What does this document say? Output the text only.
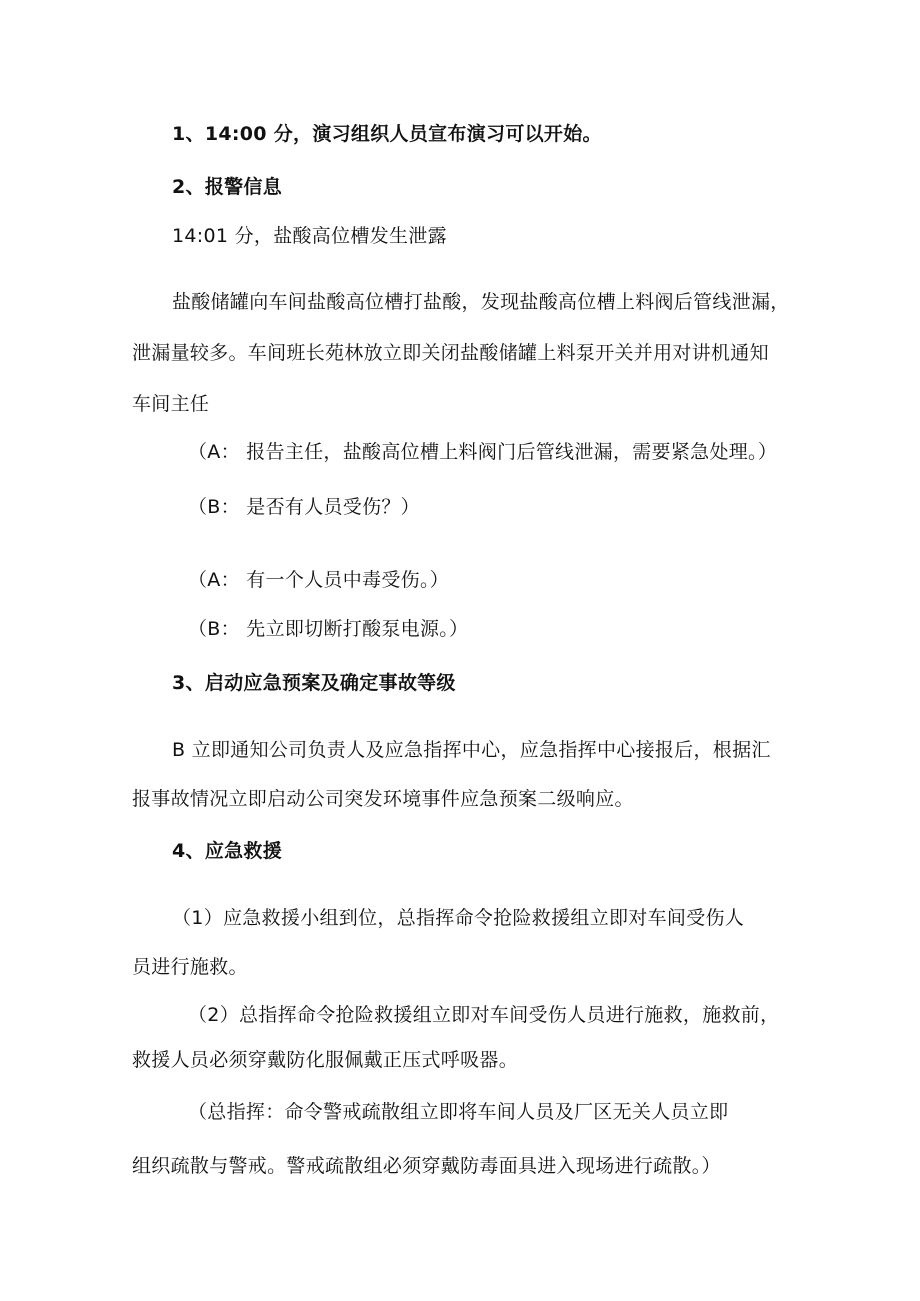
1、14:00 分，演习组织人员宣布演习可以开始。
2、报警信息
14:01 分，盐酸高位槽发生泄露
盐酸储罐向车间盐酸高位槽打盐酸，发现盐酸高位槽上料阀后管线泄漏，
泄漏量较多。车间班长苑林放立即关闭盐酸储罐上料泵开关并用对讲机通知
车间主任
（A： 报告主任，盐酸高位槽上料阀门后管线泄漏，需要紧急处理。）
（B： 是否有人员受伤？）
（A： 有一个人员中毒受伤。）
（B： 先立即切断打酸泵电源。）
3、启动应急预案及确定事故等级
B 立即通知公司负责人及应急指挥中心，应急指挥中心接报后，根据汇
报事故情况立即启动公司突发环境事件应急预案二级响应。
4、应急救援
（1）应急救援小组到位，总指挥命令抢险救援组立即对车间受伤人
员进行施救。
（2）总指挥命令抢险救援组立即对车间受伤人员进行施救，施救前，
救援人员必须穿戴防化服佩戴正压式呼吸器。
（总指挥：命令警戒疏散组立即将车间人员及厂区无关人员立即
组织疏散与警戒。警戒疏散组必须穿戴防毒面具进入现场进行疏散。）
